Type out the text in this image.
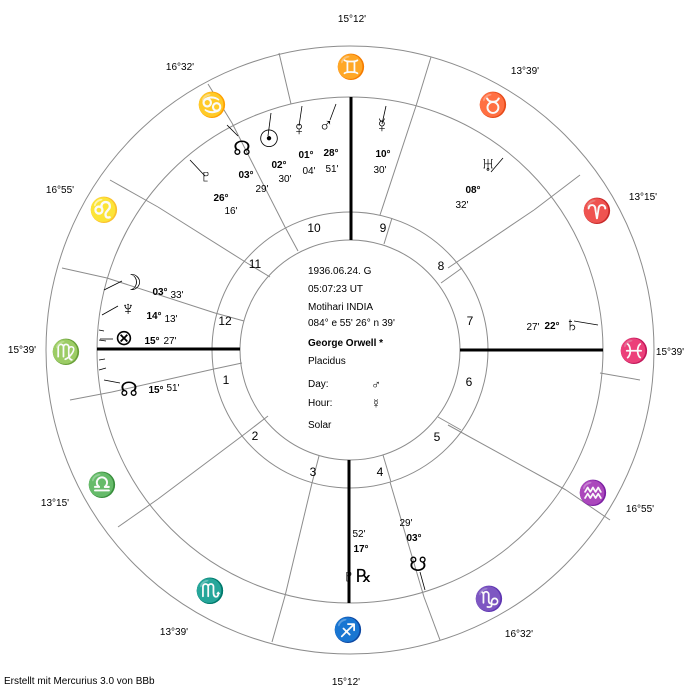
15°12'
13°39'
13°15'
15°39'
16°55'
16°32'
15°12'
13°39'
13°15'
15°39'
16°55'
16°32'	♊
♉
♈
♓
♒
♑
♐
♏
♎
♍
♌
♋
10	9
8
7
6
5
4
3
2
1
12
11
☊
03°
29'
☉
02°
30'
♀
01°
04'
♂
28°
51'
☿
10°
30'	♅
08°
32'
♄
22°
27'
☋
29'
03°
♇℞
52'
17°
☊ 15° 51'
⊗ 15° 27'
♆ 14° 13'
☽ 03° 33'
♇
26°
16'
1936.06.24. G
05:07:23 UT
Motihari INDIA
084° e 55' 26° n 39'
George Orwell *
Placidus
Day:	♂
Hour:	☿
Solar
Erstellt mit Mercurius 3.0 von BBb
